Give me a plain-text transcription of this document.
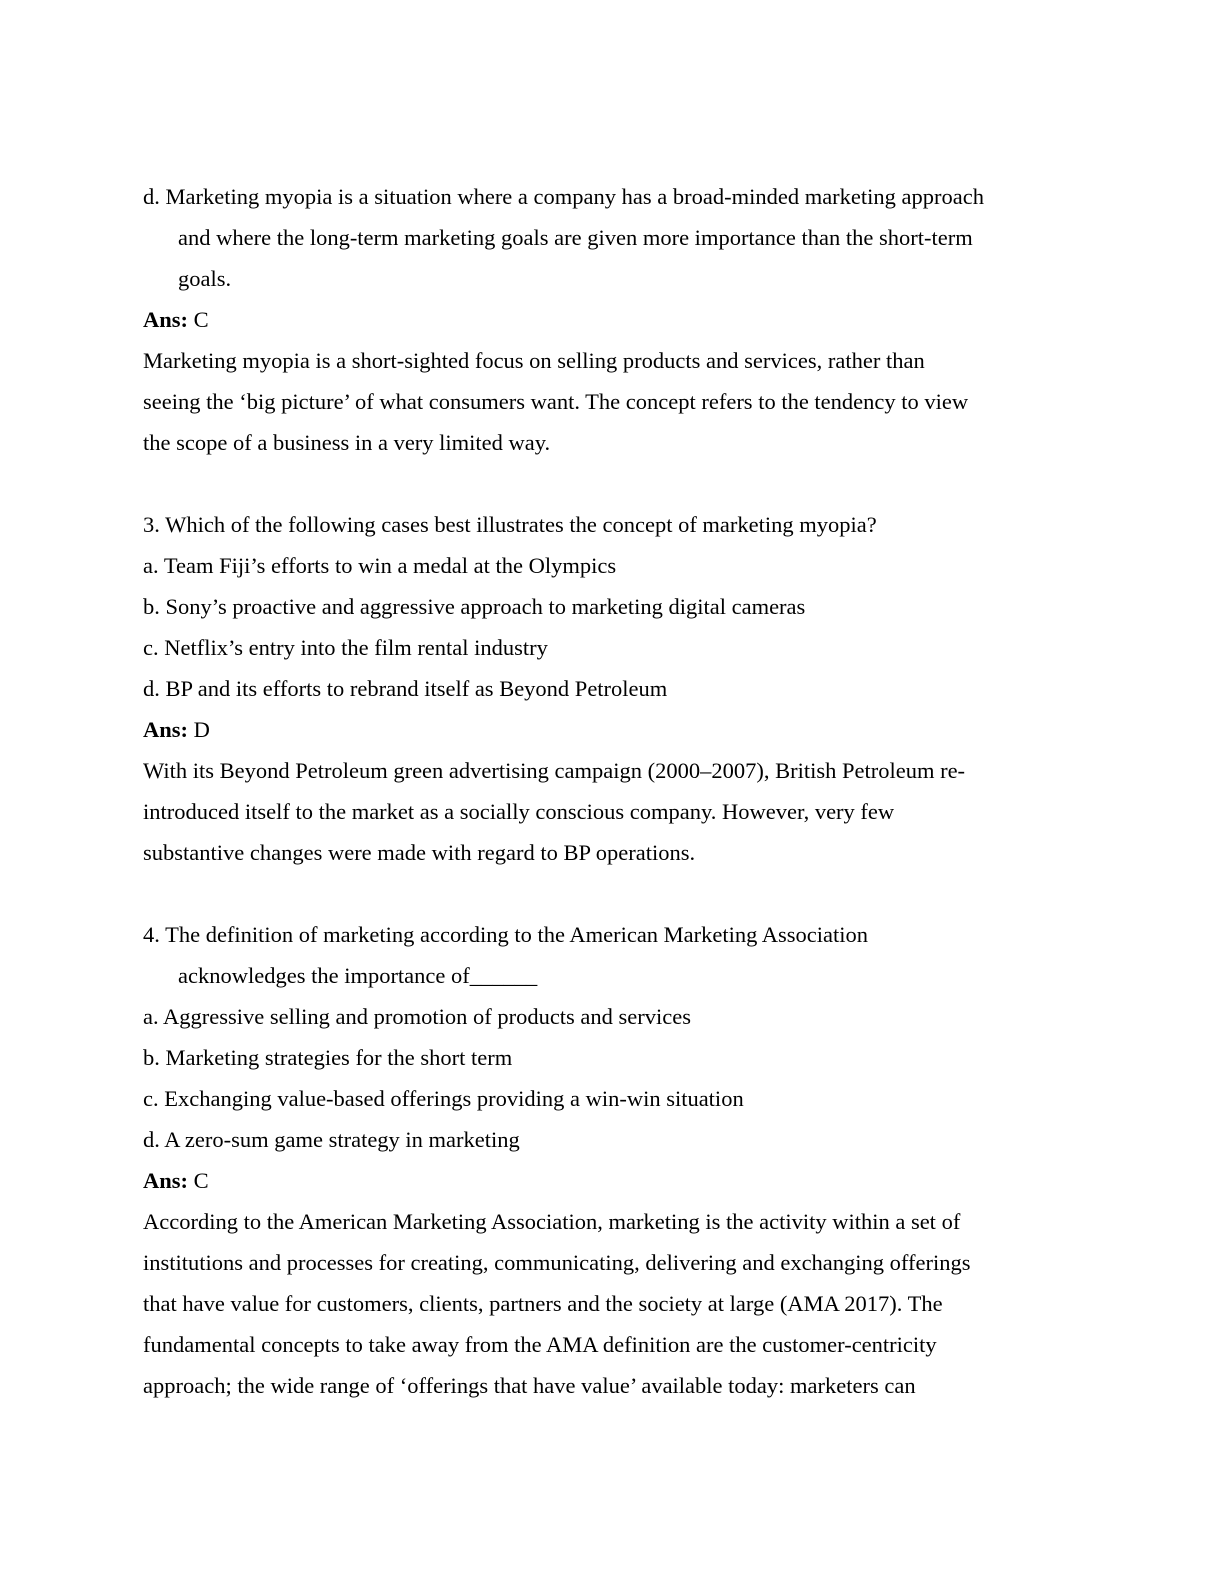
d. Marketing myopia is a situation where a company has a broad-minded marketing approach
and where the long-term marketing goals are given more importance than the short-term
goals.
Ans: C
Marketing myopia is a short-sighted focus on selling products and services, rather than
seeing the ‘big picture’ of what consumers want. The concept refers to the tendency to view
the scope of a business in a very limited way.
3. Which of the following cases best illustrates the concept of marketing myopia?
a. Team Fiji’s efforts to win a medal at the Olympics
b. Sony’s proactive and aggressive approach to marketing digital cameras
c. Netflix’s entry into the film rental industry
d. BP and its efforts to rebrand itself as Beyond Petroleum
Ans: D
With its Beyond Petroleum green advertising campaign (2000–2007), British Petroleum re-
introduced itself to the market as a socially conscious company. However, very few
substantive changes were made with regard to BP operations.
4. The definition of marketing according to the American Marketing Association
acknowledges the importance of______
a. Aggressive selling and promotion of products and services
b. Marketing strategies for the short term
c. Exchanging value-based offerings providing a win-win situation
d. A zero-sum game strategy in marketing
Ans: C
According to the American Marketing Association, marketing is the activity within a set of
institutions and processes for creating, communicating, delivering and exchanging offerings
that have value for customers, clients, partners and the society at large (AMA 2017). The
fundamental concepts to take away from the AMA definition are the customer-centricity
approach; the wide range of ‘offerings that have value’ available today: marketers can
